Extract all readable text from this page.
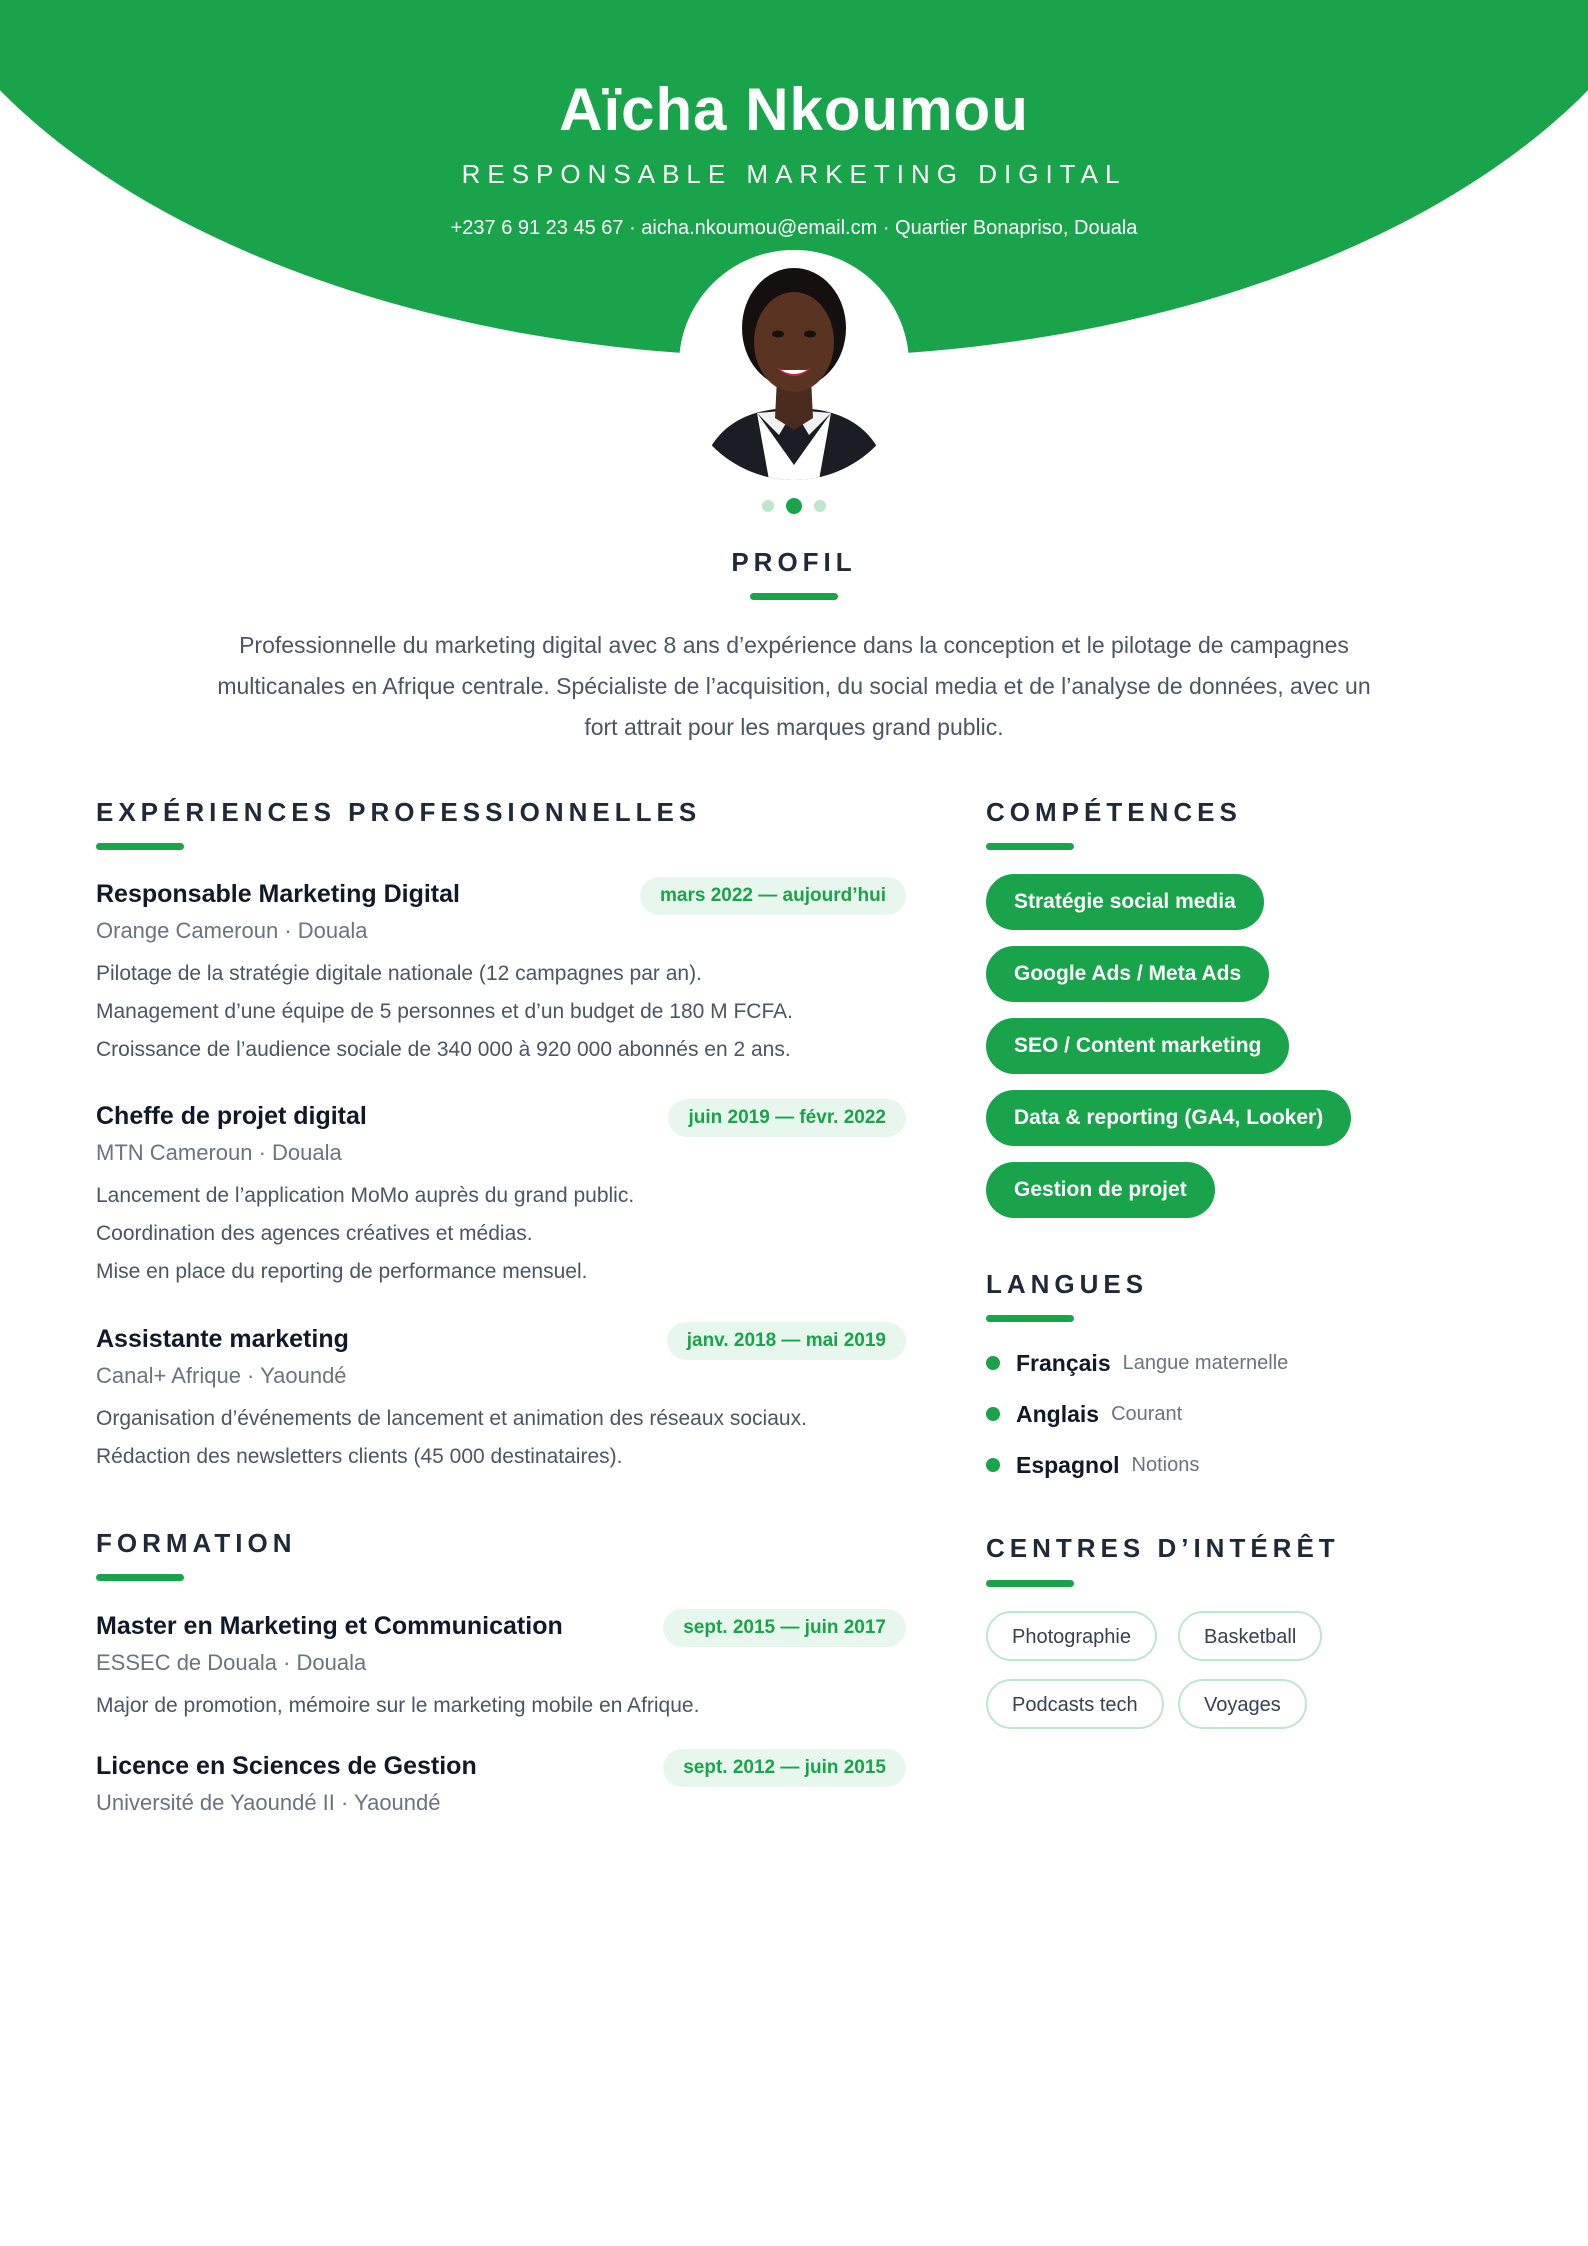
Aïcha Nkoumou
RESPONSABLE MARKETING DIGITAL
+237 6 91 23 45 67 · aicha.nkoumou@email.cm · Quartier Bonapriso, Douala
PROFIL
Professionnelle du marketing digital avec 8 ans d’expérience dans la conception et le pilotage de campagnes
multicanales en Afrique centrale. Spécialiste de l’acquisition, du social media et de l’analyse de données, avec un
fort attrait pour les marques grand public.
EXPÉRIENCES PROFESSIONNELLES
Responsable Marketing Digital	mars 2022 — aujourd’hui
Orange Cameroun · Douala
Pilotage de la stratégie digitale nationale (12 campagnes par an).
Management d’une équipe de 5 personnes et d’un budget de 180 M FCFA.
Croissance de l’audience sociale de 340 000 à 920 000 abonnés en 2 ans.
Cheffe de projet digital	juin 2019 — févr. 2022
MTN Cameroun · Douala
Lancement de l’application MoMo auprès du grand public.
Coordination des agences créatives et médias.
Mise en place du reporting de performance mensuel.
Assistante marketing	janv. 2018 — mai 2019
Canal+ Afrique · Yaoundé
Organisation d’événements de lancement et animation des réseaux sociaux.
Rédaction des newsletters clients (45 000 destinataires).
FORMATION
Master en Marketing et Communication	sept. 2015 — juin 2017
ESSEC de Douala · Douala
Major de promotion, mémoire sur le marketing mobile en Afrique.
Licence en Sciences de Gestion	sept. 2012 — juin 2015
Université de Yaoundé II · Yaoundé
COMPÉTENCES
Stratégie social media
Google Ads / Meta Ads
SEO / Content marketing
Data & reporting (GA4, Looker)
Gestion de projet
LANGUES
Français Langue maternelle
Anglais Courant
Espagnol Notions
CENTRES D’INTÉRÊT
Photographie	Basketball
Podcasts tech	Voyages
